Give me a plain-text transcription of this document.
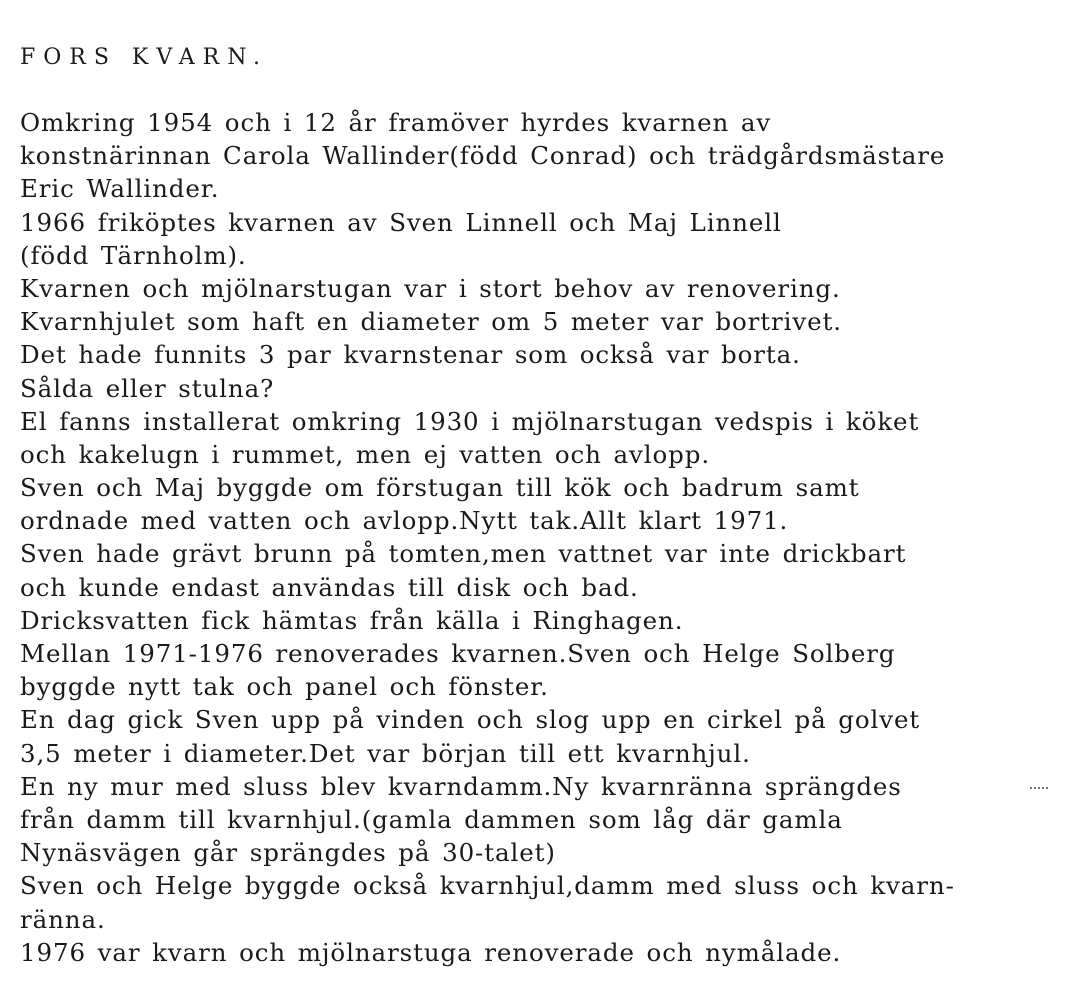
FORS KVARN.
Omkring 1954 och i 12 år framöver hyrdes kvarnen av
konstnärinnan Carola Wallinder(född Conrad) och trädgårdsmästare
Eric Wallinder.
1966 friköptes kvarnen av Sven Linnell och Maj Linnell
(född Tärnholm).
Kvarnen och mjölnarstugan var i stort behov av renovering.
Kvarnhjulet som haft en diameter om 5 meter var bortrivet.
Det hade funnits 3 par kvarnstenar som också var borta.
Sålda eller stulna?
El fanns installerat omkring 1930 i mjölnarstugan vedspis i köket
och kakelugn i rummet, men ej vatten och avlopp.
Sven och Maj byggde om förstugan till kök och badrum samt
ordnade med vatten och avlopp.Nytt tak.Allt klart 1971.
Sven hade grävt brunn på tomten,men vattnet var inte drickbart
och kunde endast användas till disk och bad.
Dricksvatten fick hämtas från källa i Ringhagen.
Mellan 1971-1976 renoverades kvarnen.Sven och Helge Solberg
byggde nytt tak och panel och fönster.
En dag gick Sven upp på vinden och slog upp en cirkel på golvet
3,5 meter i diameter.Det var början till ett kvarnhjul.
En ny mur med sluss blev kvarndamm.Ny kvarnränna sprängdes
från damm till kvarnhjul.(gamla dammen som låg där gamla
Nynäsvägen går sprängdes på 30-talet)
Sven och Helge byggde också kvarnhjul,damm med sluss och kvarn-
ränna.
1976 var kvarn och mjölnarstuga renoverade och nymålade.
